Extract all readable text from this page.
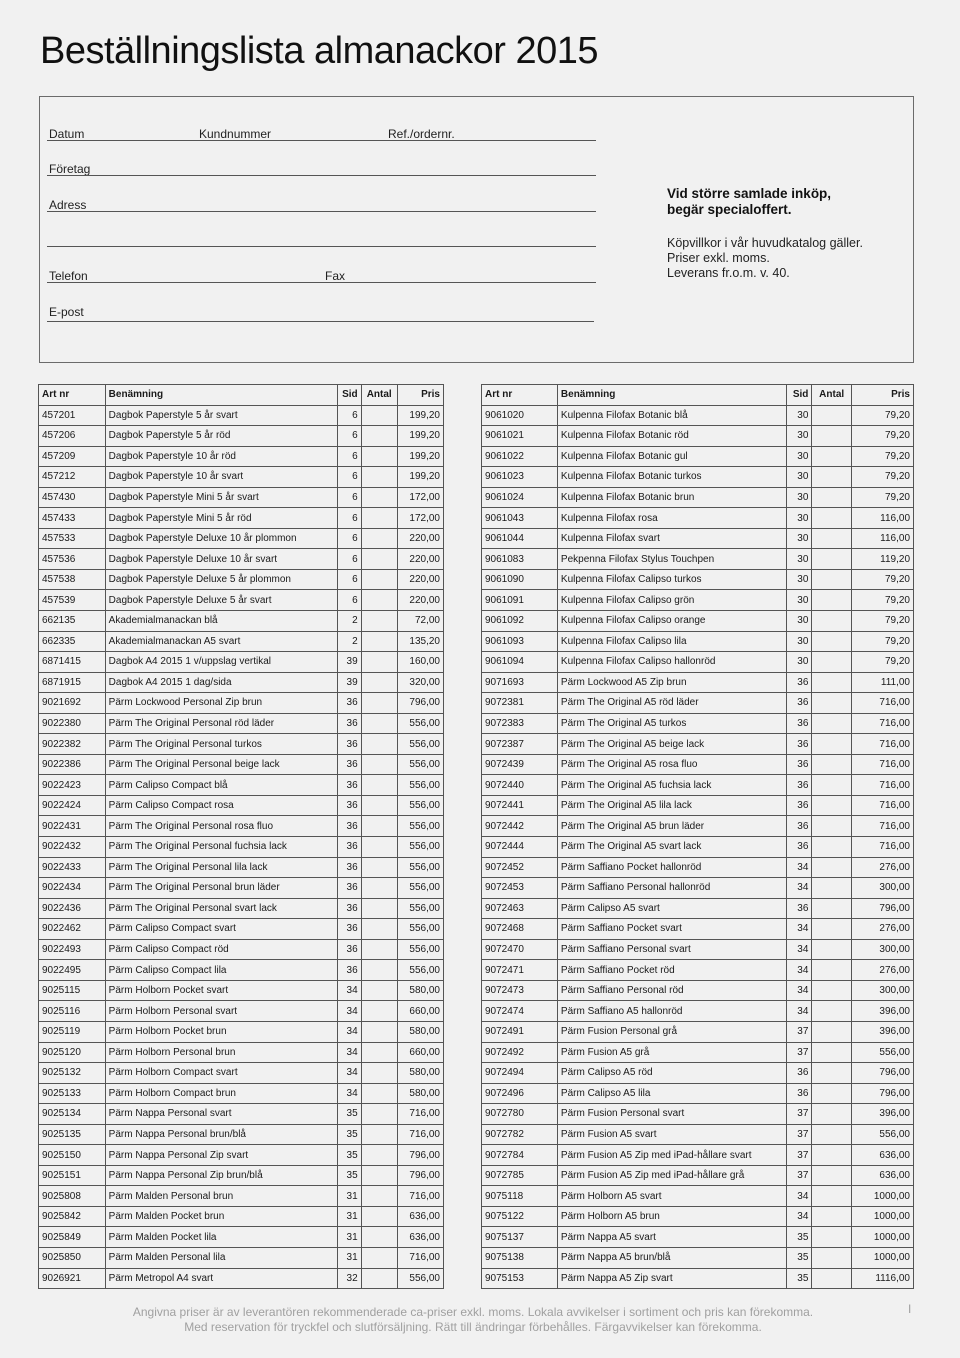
Beställningslista almanackor 2015
Datum	Kundnummer	Ref./ordernr.
Företag
Adress
Telefon	Fax
E-post
Vid större samlade inköp,
begär specialoffert.
Köpvillkor i vår huvudkatalog gäller.
Priser exkl. moms.
Leverans fr.o.m. v. 40.
Art nr	Benämning	Sid	Antal	Pris
457201	Dagbok Paperstyle 5 år svart	6		199,20
457206	Dagbok Paperstyle 5 år röd	6		199,20
457209	Dagbok Paperstyle 10 år röd	6		199,20
457212	Dagbok Paperstyle 10 år svart	6		199,20
457430	Dagbok Paperstyle Mini 5 år svart	6		172,00
457433	Dagbok Paperstyle Mini 5 år röd	6		172,00
457533	Dagbok Paperstyle Deluxe 10 år plommon	6		220,00
457536	Dagbok Paperstyle Deluxe 10 år svart	6		220,00
457538	Dagbok Paperstyle Deluxe 5 år plommon	6		220,00
457539	Dagbok Paperstyle Deluxe 5 år svart	6		220,00
662135	Akademialmanackan blå	2		72,00
662335	Akademialmanackan A5 svart	2		135,20
6871415	Dagbok A4 2015 1 v/uppslag vertikal	39		160,00
6871915	Dagbok A4 2015 1 dag/sida	39		320,00
9021692	Pärm Lockwood Personal Zip brun	36		796,00
9022380	Pärm The Original Personal röd läder	36		556,00
9022382	Pärm The Original Personal turkos	36		556,00
9022386	Pärm The Original Personal beige lack	36		556,00
9022423	Pärm Calipso Compact blå	36		556,00
9022424	Pärm Calipso Compact rosa	36		556,00
9022431	Pärm The Original Personal rosa fluo	36		556,00
9022432	Pärm The Original Personal fuchsia lack	36		556,00
9022433	Pärm The Original Personal lila lack	36		556,00
9022434	Pärm The Original Personal brun läder	36		556,00
9022436	Pärm The Original Personal svart lack	36		556,00
9022462	Pärm Calipso Compact svart	36		556,00
9022493	Pärm Calipso Compact röd	36		556,00
9022495	Pärm Calipso Compact lila	36		556,00
9025115	Pärm Holborn Pocket svart	34		580,00
9025116	Pärm Holborn Personal svart	34		660,00
9025119	Pärm Holborn Pocket brun	34		580,00
9025120	Pärm Holborn Personal brun	34		660,00
9025132	Pärm Holborn Compact svart	34		580,00
9025133	Pärm Holborn Compact brun	34		580,00
9025134	Pärm Nappa Personal svart	35		716,00
9025135	Pärm Nappa Personal brun/blå	35		716,00
9025150	Pärm Nappa Personal Zip svart	35		796,00
9025151	Pärm Nappa Personal Zip brun/blå	35		796,00
9025808	Pärm Malden Personal brun	31		716,00
9025842	Pärm Malden Pocket brun	31		636,00
9025849	Pärm Malden Pocket lila	31		636,00
9025850	Pärm Malden Personal lila	31		716,00
9026921	Pärm Metropol A4 svart	32		556,00
Art nr	Benämning	Sid	Antal	Pris
9061020	Kulpenna Filofax Botanic blå	30		79,20
9061021	Kulpenna Filofax Botanic röd	30		79,20
9061022	Kulpenna Filofax Botanic gul	30		79,20
9061023	Kulpenna Filofax Botanic turkos	30		79,20
9061024	Kulpenna Filofax Botanic brun	30		79,20
9061043	Kulpenna Filofax rosa	30		116,00
9061044	Kulpenna Filofax svart	30		116,00
9061083	Pekpenna Filofax Stylus Touchpen	30		119,20
9061090	Kulpenna Filofax Calipso turkos	30		79,20
9061091	Kulpenna Filofax Calipso grön	30		79,20
9061092	Kulpenna Filofax Calipso orange	30		79,20
9061093	Kulpenna Filofax Calipso lila	30		79,20
9061094	Kulpenna Filofax Calipso hallonröd	30		79,20
9071693	Pärm Lockwood A5 Zip brun	36		111,00
9072381	Pärm The Original A5 röd läder	36		716,00
9072383	Pärm The Original A5 turkos	36		716,00
9072387	Pärm The Original A5 beige lack	36		716,00
9072439	Pärm The Original A5 rosa fluo	36		716,00
9072440	Pärm The Original A5 fuchsia lack	36		716,00
9072441	Pärm The Original A5 lila lack	36		716,00
9072442	Pärm The Original A5 brun läder	36		716,00
9072444	Pärm The Original A5 svart lack	36		716,00
9072452	Pärm Saffiano Pocket hallonröd	34		276,00
9072453	Pärm Saffiano Personal hallonröd	34		300,00
9072463	Pärm Calipso A5 svart	36		796,00
9072468	Pärm Saffiano Pocket svart	34		276,00
9072470	Pärm Saffiano Personal svart	34		300,00
9072471	Pärm Saffiano Pocket röd	34		276,00
9072473	Pärm Saffiano Personal röd	34		300,00
9072474	Pärm Saffiano A5 hallonröd	34		396,00
9072491	Pärm Fusion Personal grå	37		396,00
9072492	Pärm Fusion A5 grå	37		556,00
9072494	Pärm Calipso A5 röd	36		796,00
9072496	Pärm Calipso A5 lila	36		796,00
9072780	Pärm Fusion Personal svart	37		396,00
9072782	Pärm Fusion A5 svart	37		556,00
9072784	Pärm Fusion A5 Zip med iPad-hållare svart	37		636,00
9072785	Pärm Fusion A5 Zip med iPad-hållare grå	37		636,00
9075118	Pärm Holborn A5 svart	34		1000,00
9075122	Pärm Holborn A5 brun	34		1000,00
9075137	Pärm Nappa A5 svart	35		1000,00
9075138	Pärm Nappa A5 brun/blå	35		1000,00
9075153	Pärm Nappa A5 Zip svart	35		1116,00
Angivna priser är av leverantören rekommenderade ca-priser exkl. moms. Lokala avvikelser i sortiment och pris kan förekomma.
Med reservation för tryckfel och slutförsäljning. Rätt till ändringar förbehålles. Färgavvikelser kan förekomma.
I
